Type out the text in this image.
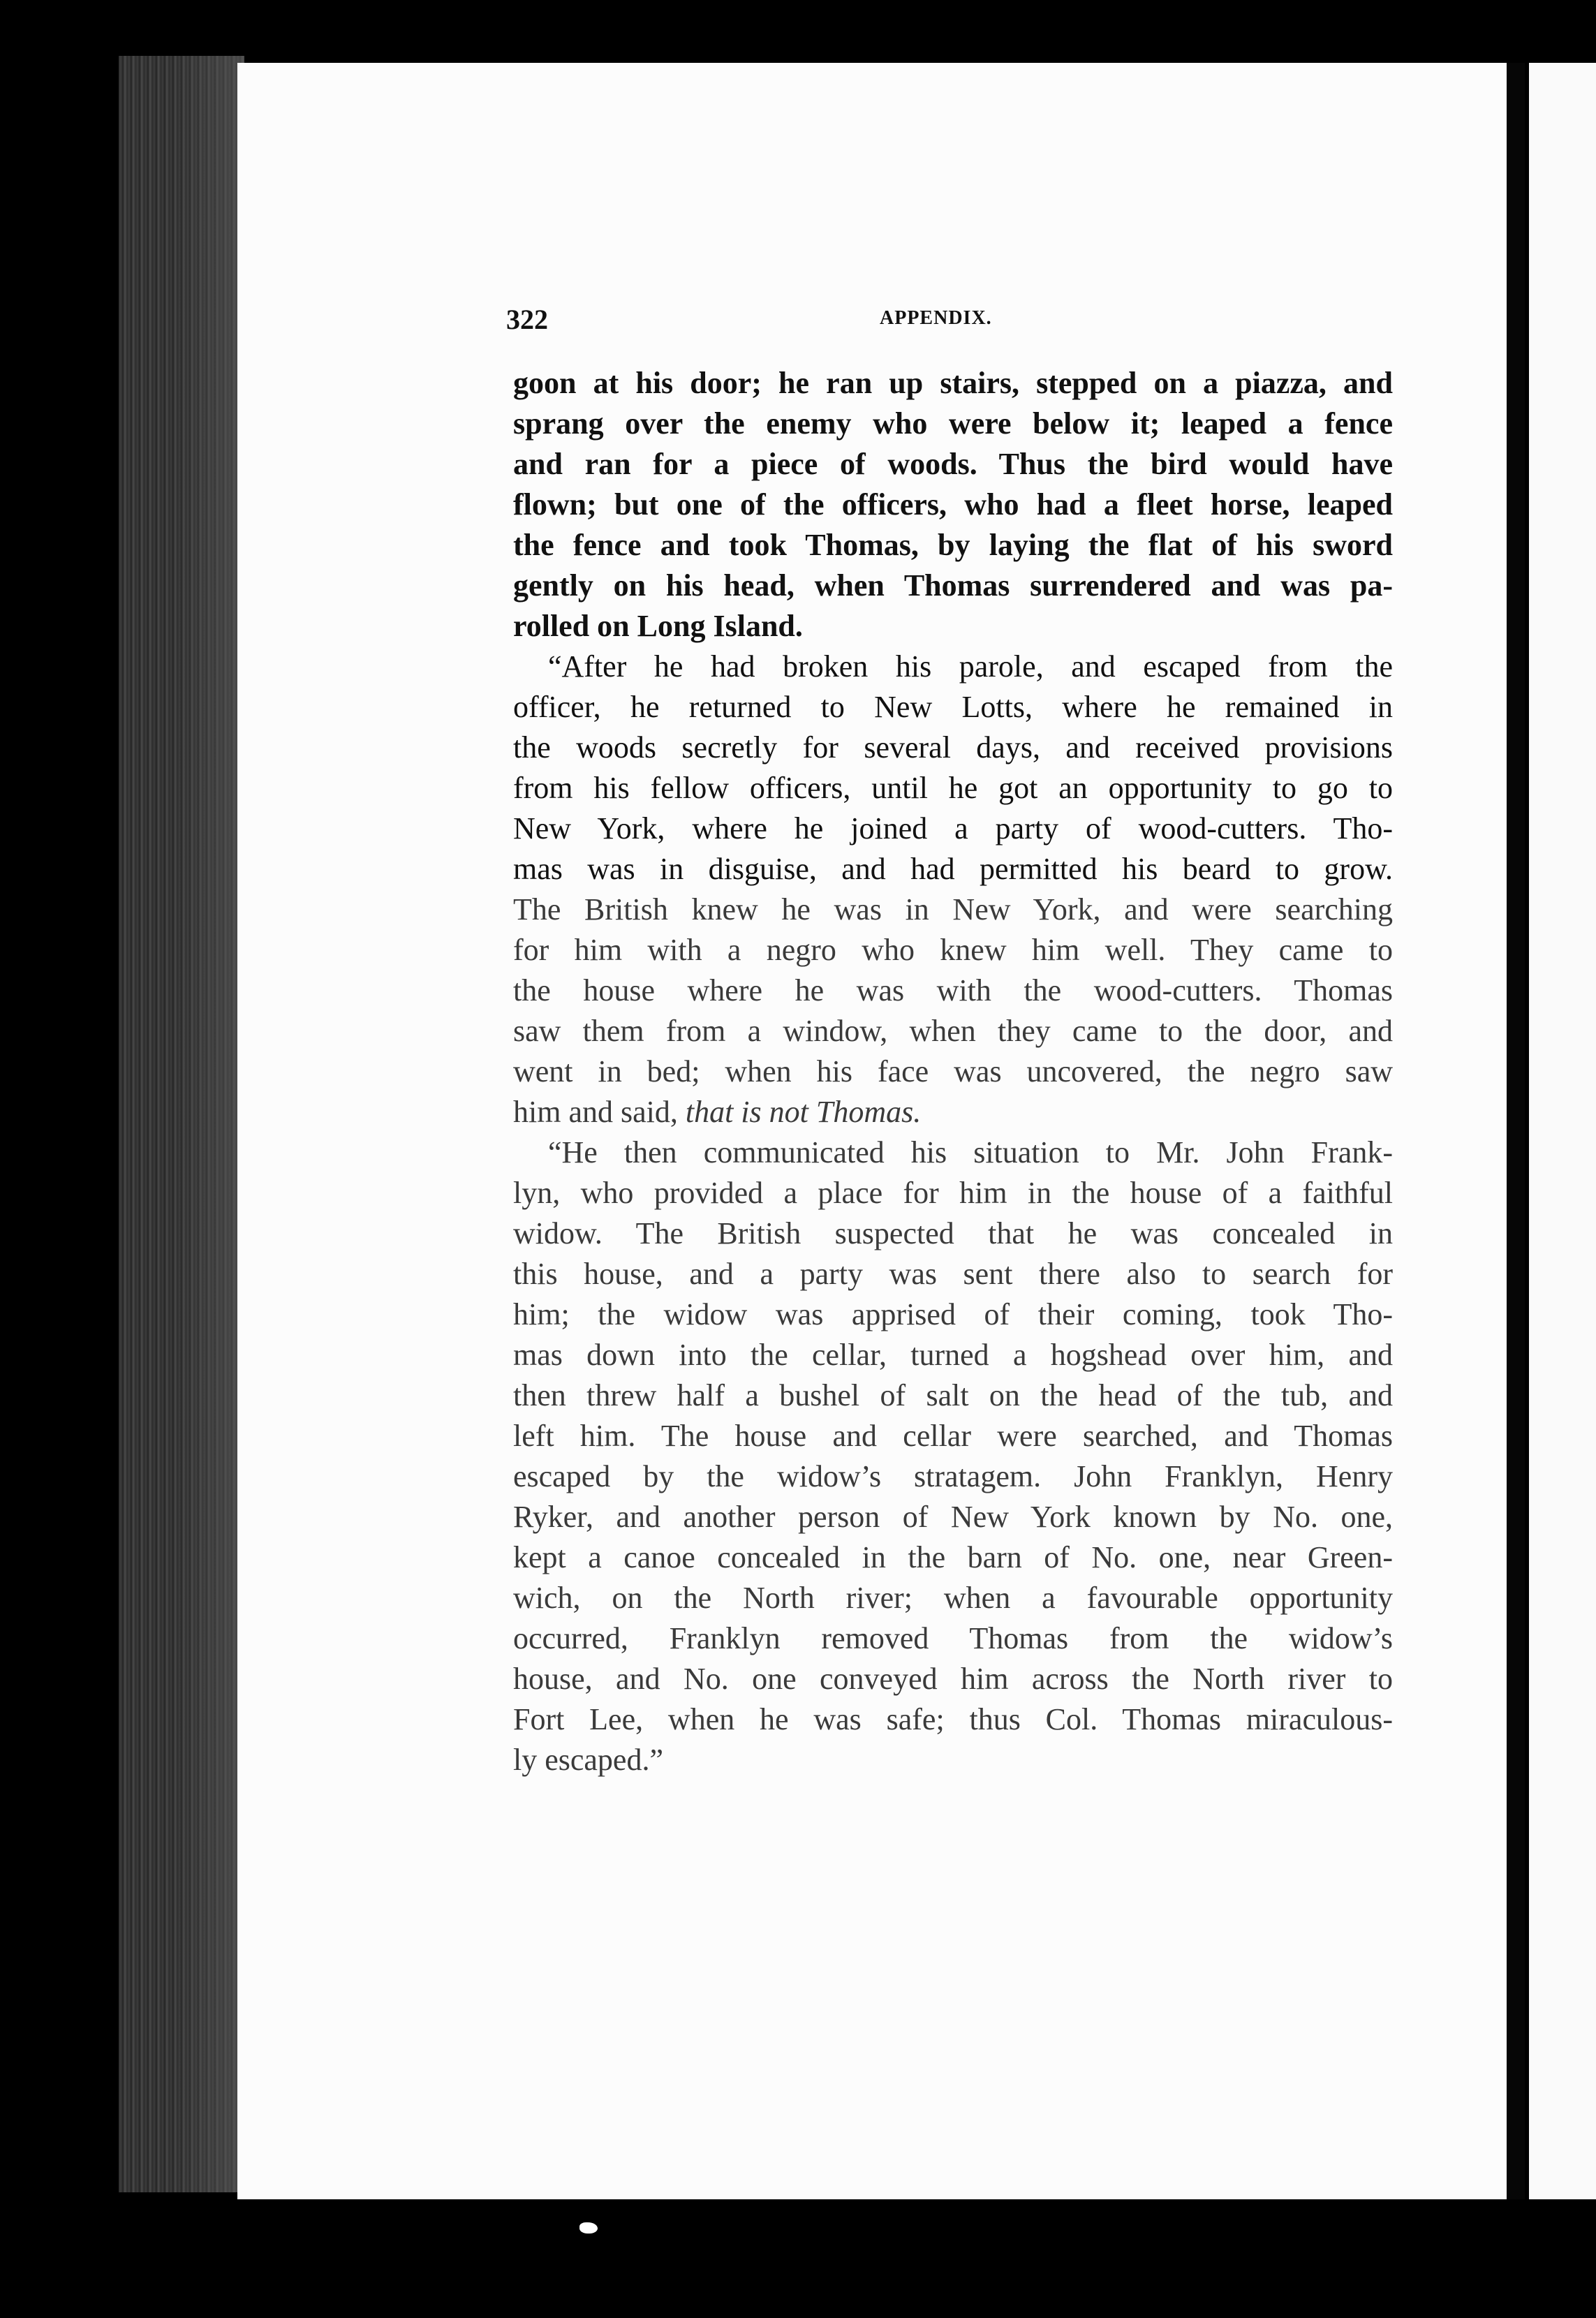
322	APPENDIX.

goon at his door; he ran up stairs, stepped on a piazza, and
sprang over the enemy who were below it; leaped a fence
and ran for a piece of woods. Thus the bird would have
flown; but one of the officers, who had a fleet horse, leaped
the fence and took Thomas, by laying the flat of his sword
gently on his head, when Thomas surrendered and was pa-
rolled on Long Island.

“After he had broken his parole, and escaped from the
officer, he returned to New Lotts, where he remained in
the woods secretly for several days, and received provisions
from his fellow officers, until he got an opportunity to go to
New York, where he joined a party of wood-cutters. Tho-
mas was in disguise, and had permitted his beard to grow.
The British knew he was in New York, and were searching
for him with a negro who knew him well. They came to
the house where he was with the wood-cutters. Thomas
saw them from a window, when they came to the door, and
went in bed; when his face was uncovered, the negro saw
him and said, that is not Thomas.

“He then communicated his situation to Mr. John Frank-
lyn, who provided a place for him in the house of a faithful
widow. The British suspected that he was concealed in
this house, and a party was sent there also to search for
him; the widow was apprised of their coming, took Tho-
mas down into the cellar, turned a hogshead over him, and
then threw half a bushel of salt on the head of the tub, and
left him. The house and cellar were searched, and Thomas
escaped by the widow’s stratagem. John Franklyn, Henry
Ryker, and another person of New York known by No. one,
kept a canoe concealed in the barn of No. one, near Green-
wich, on the North river; when a favourable opportunity
occurred, Franklyn removed Thomas from the widow’s
house, and No. one conveyed him across the North river to
Fort Lee, when he was safe; thus Col. Thomas miraculous-
ly escaped.”
